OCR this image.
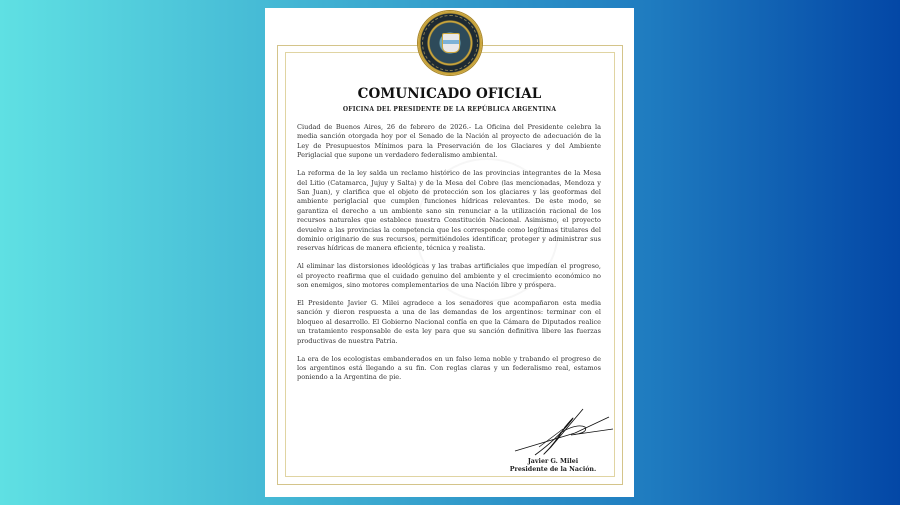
COMUNICADO OFICIAL
OFICINA DEL PRESIDENTE DE LA REPÚBLICA ARGENTINA

Ciudad de Buenos Aires, 26 de febrero de 2026.- La Oficina del Presidente celebra la media sanción otorgada hoy por el Senado de la Nación al proyecto de adecuación de la Ley de Presupuestos Mínimos para la Preservación de los Glaciares y del Ambiente Periglacial que supone un verdadero federalismo ambiental.

La reforma de la ley salda un reclamo histórico de las provincias integrantes de la Mesa del Litio (Catamarca, Jujuy y Salta) y de la Mesa del Cobre (las mencionadas, Mendoza y San Juan), y clarifica que el objeto de protección son los glaciares y las geoformas del ambiente periglacial que cumplen funciones hídricas relevantes. De este modo, se garantiza el derecho a un ambiente sano sin renunciar a la utilización racional de los recursos naturales que establece nuestra Constitución Nacional. Asimismo, el proyecto devuelve a las provincias la competencia que les corresponde como legítimas titulares del dominio originario de sus recursos, permitiéndoles identificar, proteger y administrar sus reservas hídricas de manera eficiente, técnica y realista.

Al eliminar las distorsiones ideológicas y las trabas artificiales que impedían el progreso, el proyecto reafirma que el cuidado genuino del ambiente y el crecimiento económico no son enemigos, sino motores complementarios de una Nación libre y próspera.

El Presidente Javier G. Milei agradece a los senadores que acompañaron esta media sanción y dieron respuesta a una de las demandas de los argentinos: terminar con el bloqueo al desarrollo. El Gobierno Nacional confía en que la Cámara de Diputados realice un tratamiento responsable de esta ley para que su sanción definitiva libere las fuerzas productivas de nuestra Patria.

La era de los ecologistas embanderados en un falso lema noble y trabando el progreso de los argentinos está llegando a su fin. Con reglas claras y un federalismo real, estamos poniendo a la Argentina de pie.

Javier G. Milei
Presidente de la Nación.
